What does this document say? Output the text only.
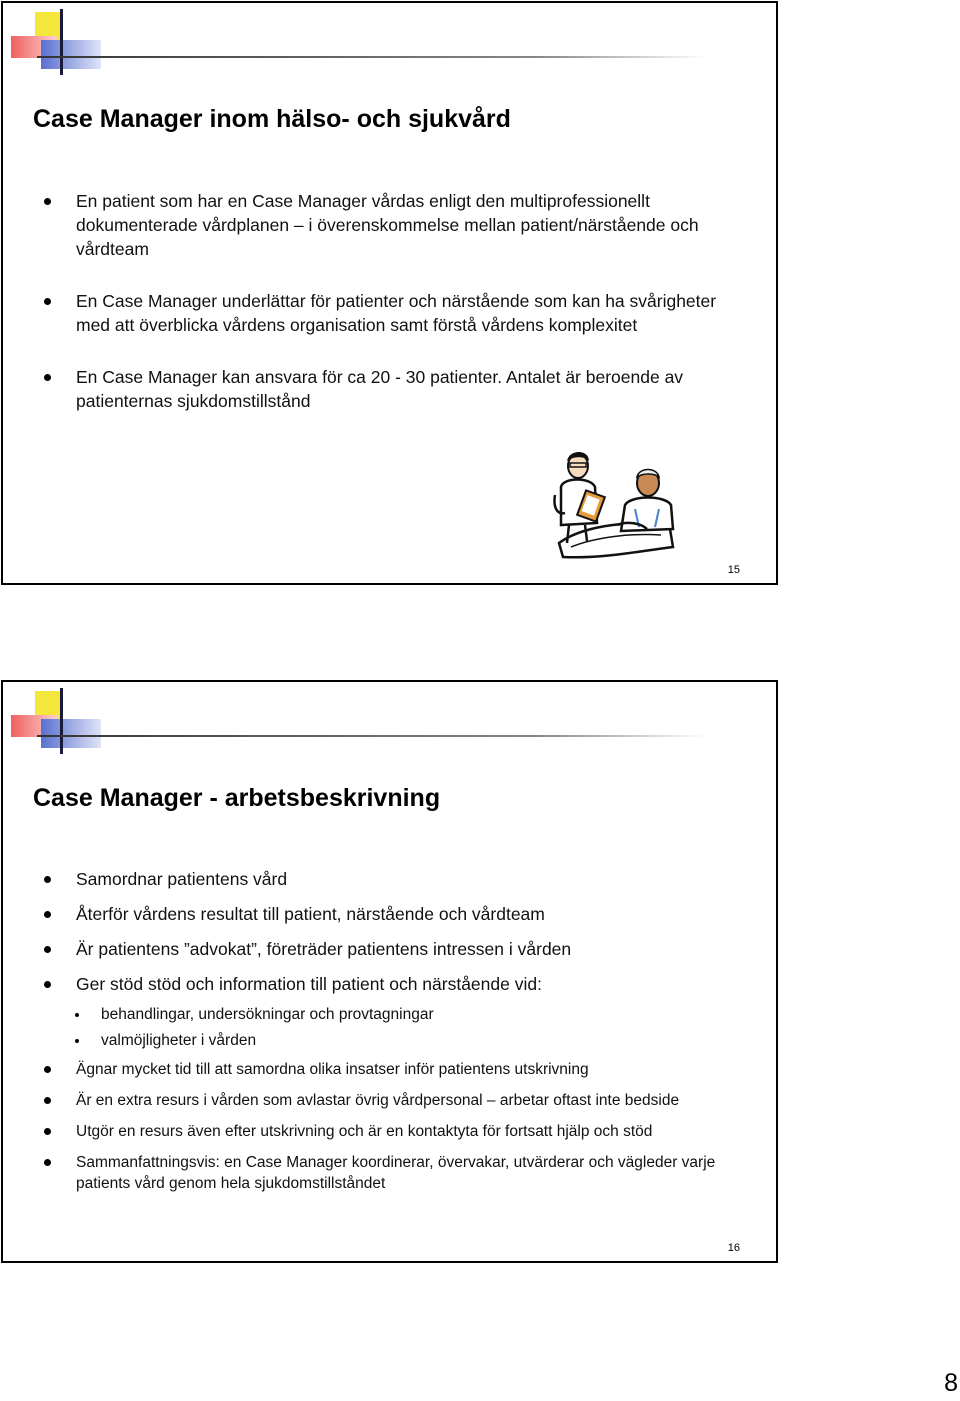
Case Manager inom hälso- och sjukvård
En patient som har en Case Manager vårdas enligt den multiprofessionellt dokumenterade vårdplanen – i överenskommelse mellan patient/närstående och vårdteam
En Case Manager underlättar för patienter och närstående som kan ha svårigheter med att överblicka vårdens organisation samt förstå vårdens komplexitet
En Case Manager kan ansvara för ca 20 - 30 patienter. Antalet är beroende av patienternas sjukdomstillstånd
15
Case Manager - arbetsbeskrivning
Samordnar patientens vård
Återför vårdens resultat till patient, närstående och vårdteam
Är patientens ”advokat”, företräder patientens intressen i vården
Ger stöd stöd och information till patient och närstående vid:
behandlingar, undersökningar och provtagningar
valmöjligheter i vården
Ägnar mycket tid till att samordna olika insatser inför patientens utskrivning
Är en extra resurs i vården som avlastar övrig vårdpersonal – arbetar oftast inte bedside
Utgör en resurs även efter utskrivning och är en kontaktyta för fortsatt hjälp och stöd
Sammanfattningsvis: en Case Manager koordinerar, övervakar, utvärderar och vägleder varje patients vård genom hela sjukdomstillståndet
16
8
